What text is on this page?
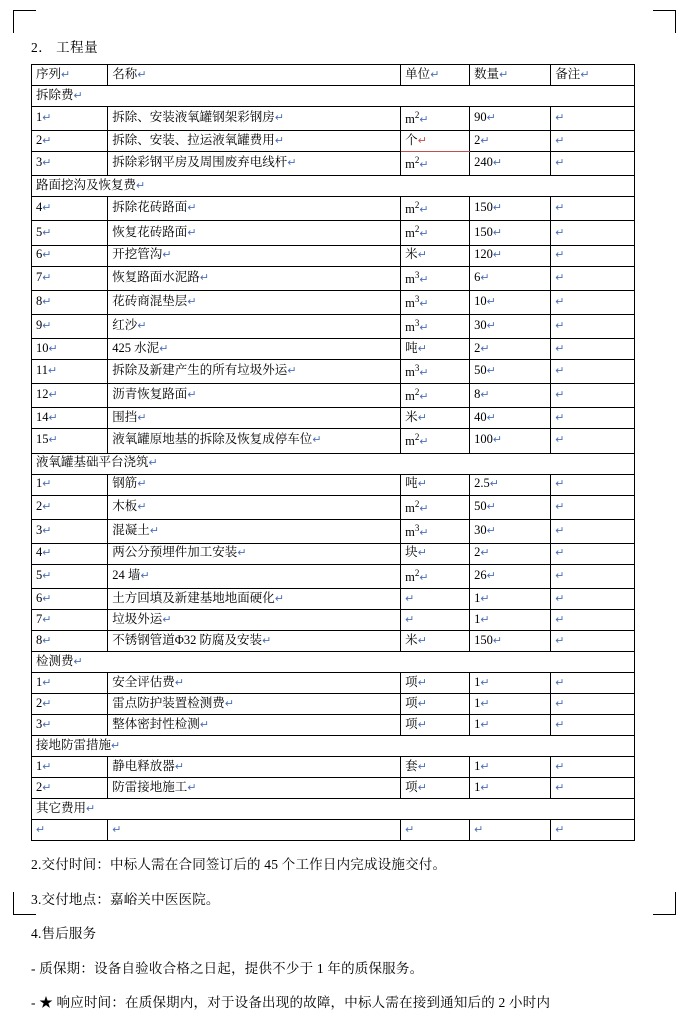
2． 工程量
序列↵	名称↵	单位↵	数量↵	备注↵
拆除费↵				
1↵	拆除、安装液氧罐钢架彩钢房↵	$m^2↵$	90↵	↵
2↵	拆除、安装、拉运液氧罐费用↵	个↵	2↵	↵
3↵	拆除彩钢平房及周围废弃电线杆↵	$m^2↵$	240↵	↵
路面挖沟及恢复费↵				
4↵	拆除花砖路面↵	$m^2↵$	150↵	↵
5↵	恢复花砖路面↵	$m^2↵$	150↵	↵
6↵	开挖管沟↵	米↵	120↵	↵
7↵	恢复路面水泥路↵	$m^3↵$	6↵	↵
8↵	花砖商混垫层↵	$m^3↵$	10↵	↵
9↵	红沙↵	$m^3↵$	30↵	↵
10↵	425 水泥↵	吨↵	2↵	↵
11↵	拆除及新建产生的所有垃圾外运↵	$m^3↵$	50↵	↵
12↵	沥青恢复路面↵	$m^2↵$	8↵	↵
14↵	围挡↵	米↵	40↵	↵
15↵	液氧罐原地基的拆除及恢复成停车位↵	$m^2↵$	100↵	↵
液氧罐基础平台浇筑↵				
1↵	钢筋↵	吨↵	2.5↵	↵
2↵	木板↵	$m^2↵$	50↵	↵
3↵	混凝土↵	$m^3↵$	30↵	↵
4↵	两公分预埋件加工安装↵	块↵	2↵	↵
5↵	24 墙↵	$m^2↵$	26↵	↵
6↵	土方回填及新建基地地面硬化↵	↵	1↵	↵
7↵	垃圾外运↵	↵	1↵	↵
8↵	不锈钢管道Φ32 防腐及安装↵	米↵	150↵	↵
检测费↵				
1↵	安全评估费↵	项↵	1↵	↵
2↵	雷点防护装置检测费↵	项↵	1↵	↵
3↵	整体密封性检测↵	项↵	1↵	↵
接地防雷措施↵				
1↵	静电释放器↵	套↵	1↵	↵
2↵	防雷接地施工↵	项↵	1↵	↵
其它费用↵				
↵	↵	↵	↵	↵

2.交付时间：中标人需在合同签订后的 45 个工作日内完成设施交付。

3.交付地点：嘉峪关中医医院。

4.售后服务

- 质保期：设备自验收合格之日起，提供不少于 1 年的质保服务。

- ★ 响应时间：在质保期内，对于设备出现的故障，中标人需在接到通知后的 2 小时内
